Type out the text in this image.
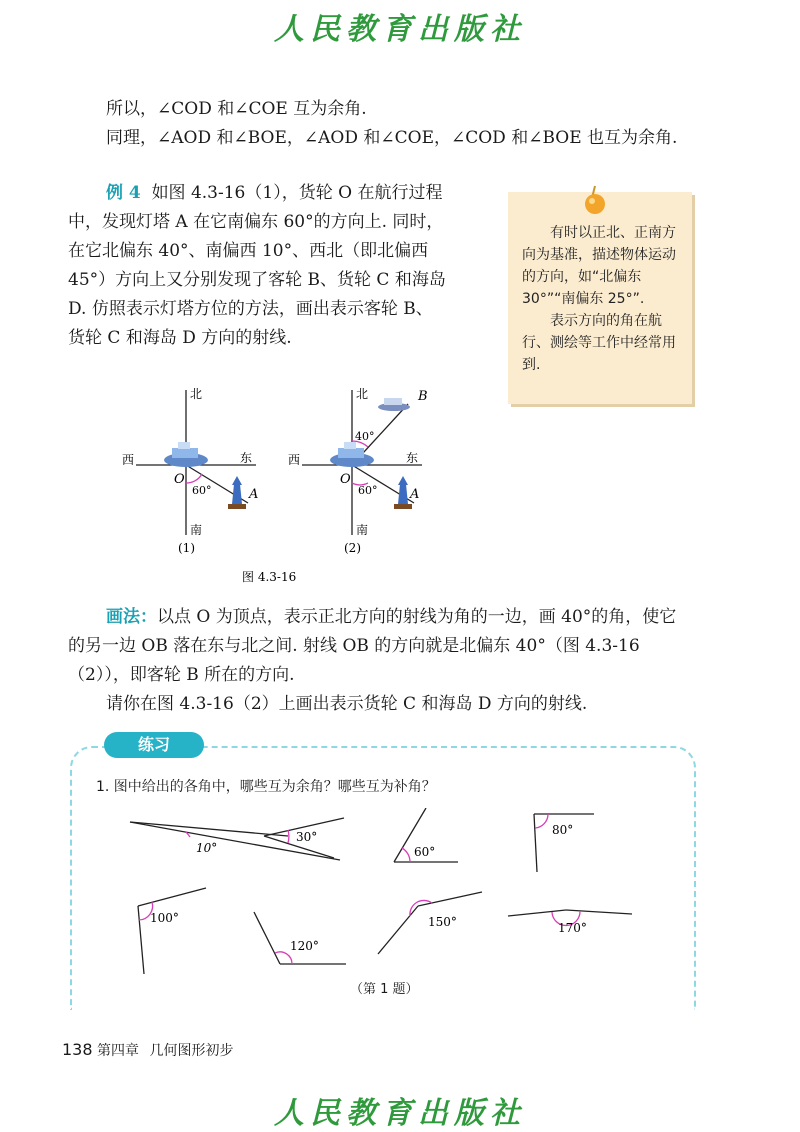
人民教育出版社
所以，∠COD 和∠COE 互为余角.
同理，∠AOD 和∠BOE，∠AOD 和∠COE，∠COD 和∠BOE 也互为余角.
例 4 如图 4.3-16（1），货轮 O 在航行过程
中，发现灯塔 A 在它南偏东 60°的方向上. 同时，
在它北偏东 40°、南偏西 10°、西北（即北偏西
45°）方向上又分别发现了客轮 B、货轮 C 和海岛
D. 仿照表示灯塔方位的方法，画出表示客轮 B、
货轮 C 和海岛 D 方向的射线.

有时以正北、正南方向为基准，描述物体运动的方向，如“北偏东 30°”“南偏东 25°”.

表示方向的角在航行、测绘等工作中经常用到.

北
南
西	东
O
60°	A
(1)
北
南
西	东
O
60°
40°
A
B
(2)
图 4.3-16
画法：以点 O 为顶点，表示正北方向的射线为角的一边，画 40°的角，使它
的另一边 OB 落在东与北之间. 射线 OB 的方向就是北偏东 40°（图 4.3-16
（2）），即客轮 B 所在的方向.
请你在图 4.3-16（2）上画出表示货轮 C 和海岛 D 方向的射线.
练习
1. 图中给出的各角中，哪些互为余角？哪些互为补角？
10°
30°
60°
80°
100°
120°
150°	170°
（第 1 题）
138 第四章 几何图形初步
人民教育出版社
